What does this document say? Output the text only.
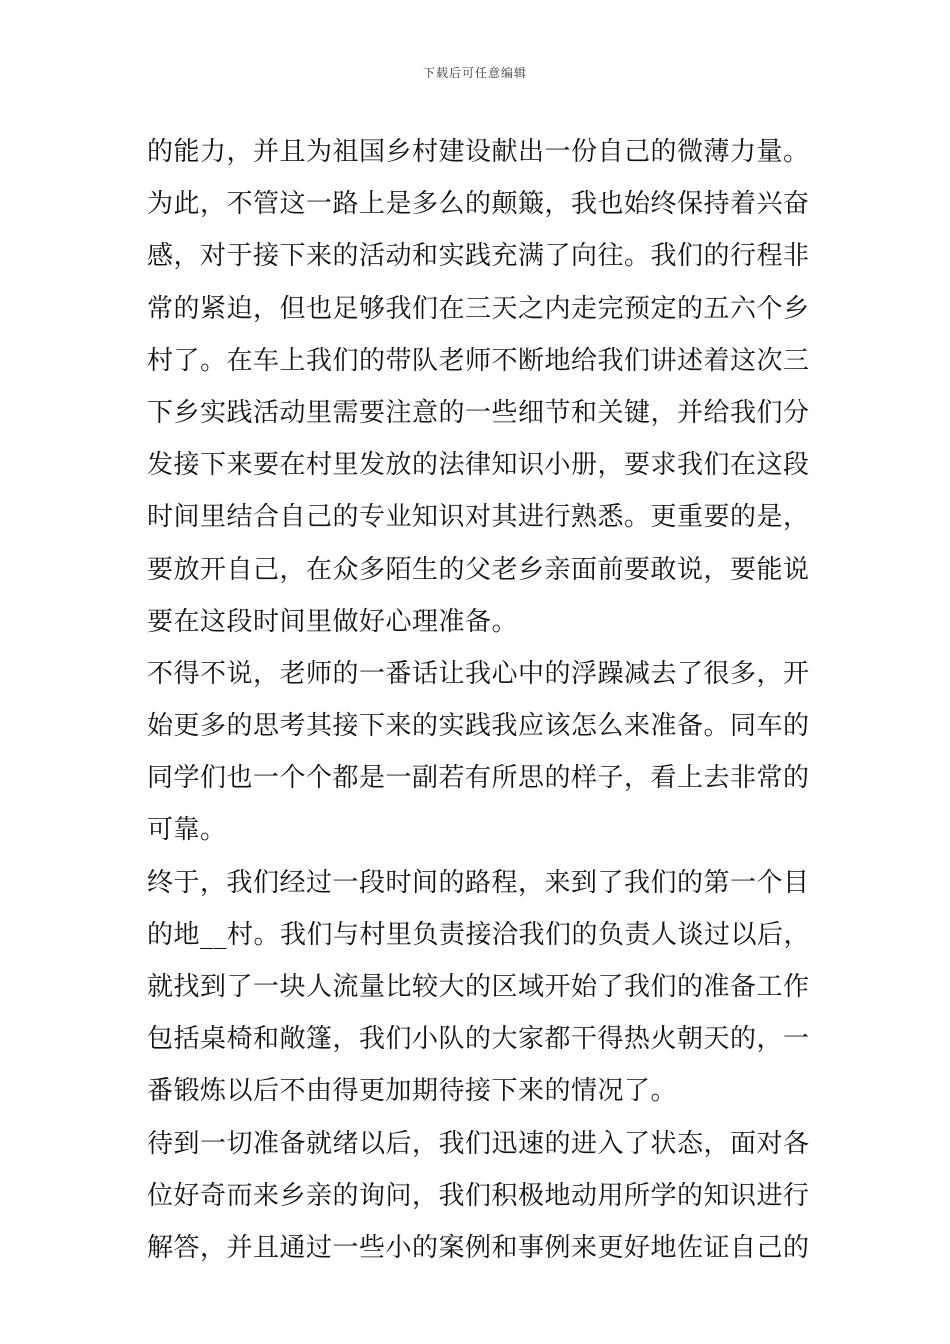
下载后可任意编辑
的能力，并且为祖国乡村建设献出一份自己的微薄力量。
为此，不管这一路上是多么的颠簸，我也始终保持着兴奋
感，对于接下来的活动和实践充满了向往。我们的行程非
常的紧迫，但也足够我们在三天之内走完预定的五六个乡
村了。在车上我们的带队老师不断地给我们讲述着这次三
下乡实践活动里需要注意的一些细节和关键，并给我们分
发接下来要在村里发放的法律知识小册，要求我们在这段
时间里结合自己的专业知识对其进行熟悉。更重要的是，
要放开自己，在众多陌生的父老乡亲面前要敢说，要能说
要在这段时间里做好心理准备。
不得不说，老师的一番话让我心中的浮躁减去了很多，开
始更多的思考其接下来的实践我应该怎么来准备。同车的
同学们也一个个都是一副若有所思的样子，看上去非常的
可靠。
终于，我们经过一段时间的路程，来到了我们的第一个目
的地__村。我们与村里负责接洽我们的负责人谈过以后，
就找到了一块人流量比较大的区域开始了我们的准备工作
包括桌椅和敞篷，我们小队的大家都干得热火朝天的，一
番锻炼以后不由得更加期待接下来的情况了。
待到一切准备就绪以后，我们迅速的进入了状态，面对各
位好奇而来乡亲的询问，我们积极地动用所学的知识进行
解答，并且通过一些小的案例和事例来更好地佐证自己的
